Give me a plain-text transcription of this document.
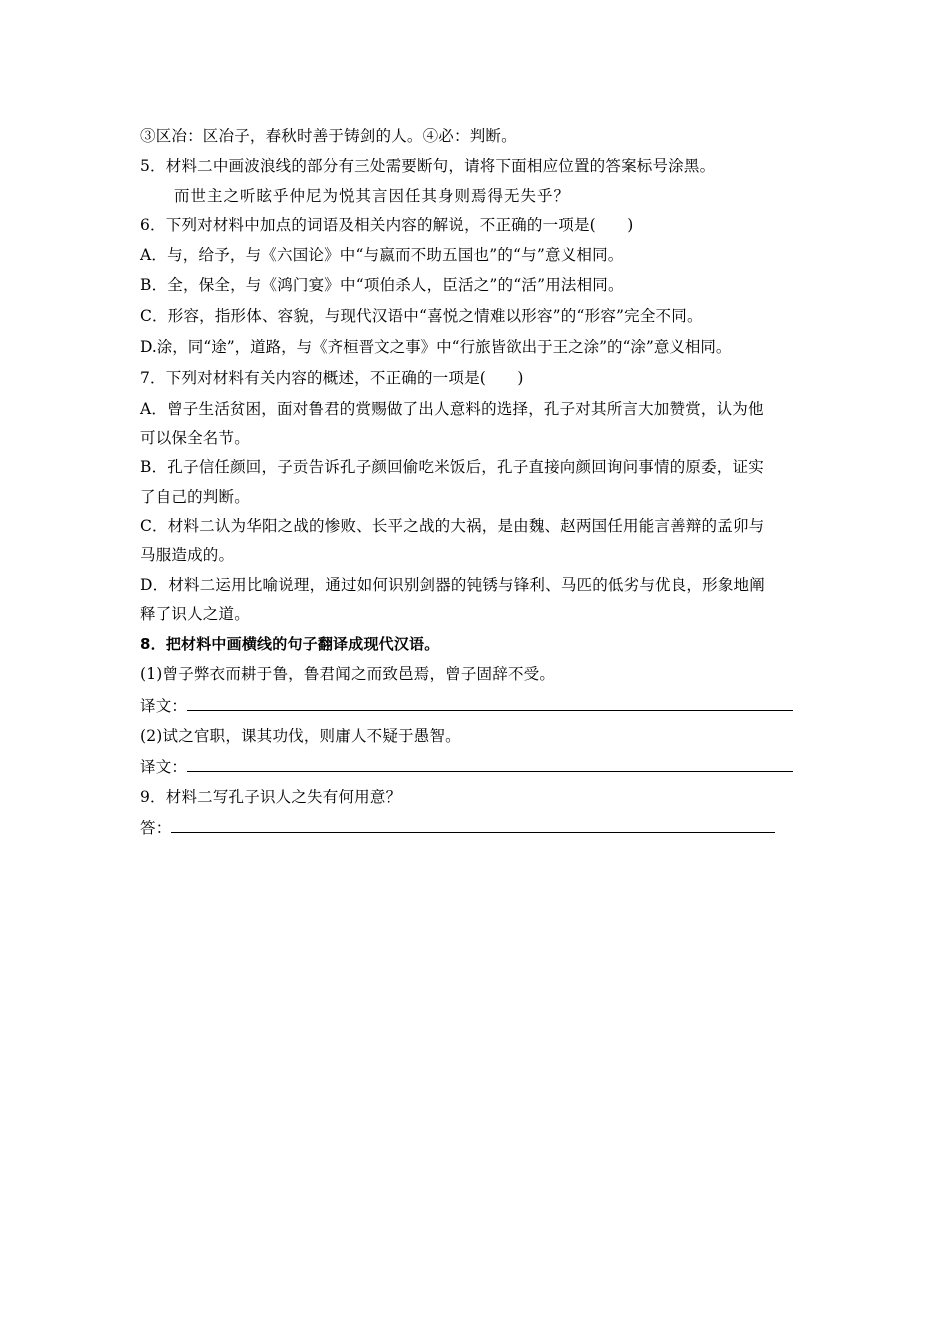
③区冶：区冶子，春秋时善于铸剑的人。④必：判断。
5．材料二中画波浪线的部分有三处需要断句，请将下面相应位置的答案标号涂黑。
而世主之听眩乎仲尼为悦其言因任其身则焉得无失乎？
6．下列对材料中加点的词语及相关内容的解说，不正确的一项是(　　)
A．与，给予，与《六国论》中“与嬴而不助五国也”的“与”意义相同。
B．全，保全，与《鸿门宴》中“项伯杀人，臣活之”的“活”用法相同。
C．形容，指形体、容貌，与现代汉语中“喜悦之情难以形容”的“形容”完全不同。
D.涂，同“途”，道路，与《齐桓晋文之事》中“行旅皆欲出于王之涂”的“涂”意义相同。
7．下列对材料有关内容的概述，不正确的一项是(　　)
A．曾子生活贫困，面对鲁君的赏赐做了出人意料的选择，孔子对其所言大加赞赏，认为他
可以保全名节。
B．孔子信任颜回，子贡告诉孔子颜回偷吃米饭后，孔子直接向颜回询问事情的原委，证实
了自己的判断。
C．材料二认为华阳之战的惨败、长平之战的大祸，是由魏、赵两国任用能言善辩的孟卯与
马服造成的。
D．材料二运用比喻说理，通过如何识别剑器的钝锈与锋利、马匹的低劣与优良，形象地阐
释了识人之道。
8．把材料中画横线的句子翻译成现代汉语。
(1)曾子弊衣而耕于鲁，鲁君闻之而致邑焉，曾子固辞不受。
译文：
(2)试之官职，课其功伐，则庸人不疑于愚智。
译文：
9．材料二写孔子识人之失有何用意？
答：
